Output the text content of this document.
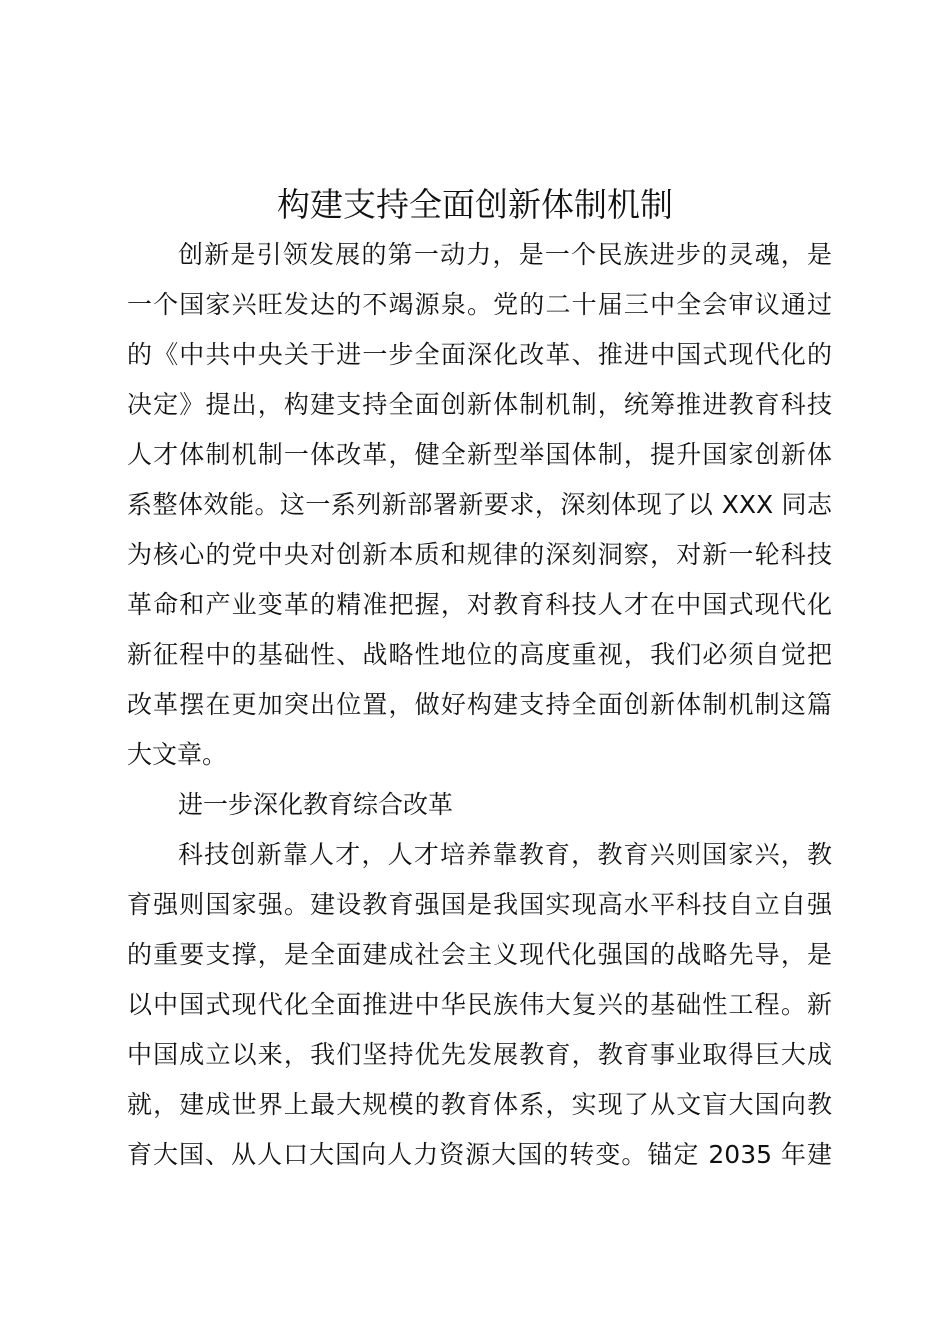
构建支持全面创新体制机制

创新是引领发展的第一动力，是一个民族进步的灵魂，是

一个国家兴旺发达的不竭源泉。党的二十届三中全会审议通过

的《中共中央关于进一步全面深化改革、推进中国式现代化的

决定》提出，构建支持全面创新体制机制，统筹推进教育科技

人才体制机制一体改革，健全新型举国体制，提升国家创新体

系整体效能。这一系列新部署新要求，深刻体现了以 XXX 同志

为核心的党中央对创新本质和规律的深刻洞察，对新一轮科技

革命和产业变革的精准把握，对教育科技人才在中国式现代化

新征程中的基础性、战略性地位的高度重视，我们必须自觉把

改革摆在更加突出位置，做好构建支持全面创新体制机制这篇

大文章。

进一步深化教育综合改革

科技创新靠人才，人才培养靠教育，教育兴则国家兴，教

育强则国家强。建设教育强国是我国实现高水平科技自立自强

的重要支撑，是全面建成社会主义现代化强国的战略先导，是

以中国式现代化全面推进中华民族伟大复兴的基础性工程。新

中国成立以来，我们坚持优先发展教育，教育事业取得巨大成

就，建成世界上最大规模的教育体系，实现了从文盲大国向教

育大国、从人口大国向人力资源大国的转变。锚定 2035 年建
